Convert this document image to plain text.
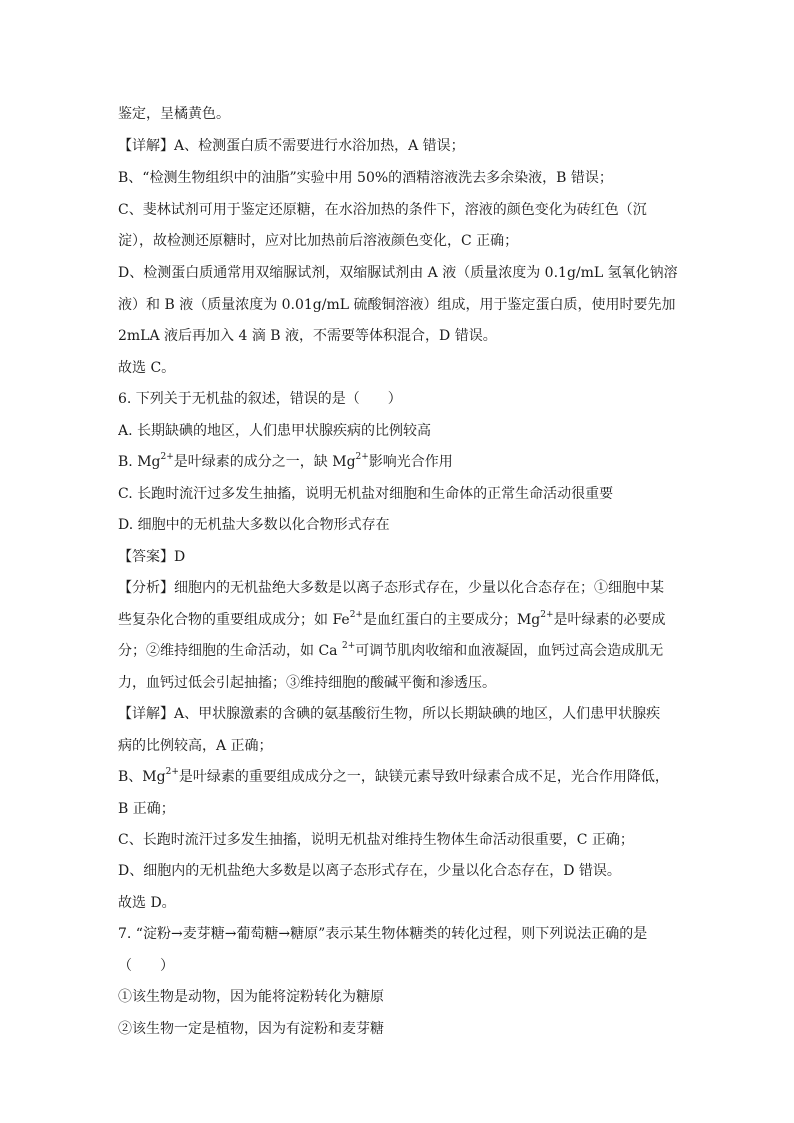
鉴定，呈橘黄色。
【详解】A、检测蛋白质不需要进行水浴加热，A 错误；
B、“检测生物组织中的油脂”实验中用 50%的酒精溶液洗去多余染液，B 错误；
C、斐林试剂可用于鉴定还原糖，在水浴加热的条件下，溶液的颜色变化为砖红色（沉
淀），故检测还原糖时，应对比加热前后溶液颜色变化，C 正确；
D、检测蛋白质通常用双缩脲试剂，双缩脲试剂由 A 液（质量浓度为 0.1g/mL 氢氧化钠溶
液）和 B 液（质量浓度为 0.01g/mL 硫酸铜溶液）组成，用于鉴定蛋白质，使用时要先加
2mLA 液后再加入 4 滴 B 液，不需要等体积混合，D 错误。
故选 C。
6. 下列关于无机盐的叙述，错误的是（　　）
A. 长期缺碘的地区，人们患甲状腺疾病的比例较高
B. $Mg^{2+}$是叶绿素的成分之一，缺 $Mg^{2+}$影响光合作用
C. 长跑时流汗过多发生抽搐，说明无机盐对细胞和生命体的正常生命活动很重要
D. 细胞中的无机盐大多数以化合物形式存在
【答案】D
【分析】细胞内的无机盐绝大多数是以离子态形式存在，少量以化合态存在；①细胞中某
些复杂化合物的重要组成成分；如 $Fe^{2+}$是血红蛋白的主要成分；$Mg^{2+}$是叶绿素的必要成
分；②维持细胞的生命活动，如 Ca $^{2+}$可调节肌肉收缩和血液凝固，血钙过高会造成肌无
力，血钙过低会引起抽搐；③维持细胞的酸碱平衡和渗透压。
【详解】A、甲状腺激素的含碘的氨基酸衍生物，所以长期缺碘的地区，人们患甲状腺疾
病的比例较高，A 正确；
B、$Mg^{2+}$是叶绿素的重要组成成分之一，缺镁元素导致叶绿素合成不足，光合作用降低，
B 正确；
C、长跑时流汗过多发生抽搐，说明无机盐对维持生物体生命活动很重要，C 正确；
D、细胞内的无机盐绝大多数是以离子态形式存在，少量以化合态存在，D 错误。
故选 D。
7. “淀粉→麦芽糖→葡萄糖→糖原”表示某生物体糖类的转化过程，则下列说法正确的是
（　　）
①该生物是动物，因为能将淀粉转化为糖原
②该生物一定是植物，因为有淀粉和麦芽糖
